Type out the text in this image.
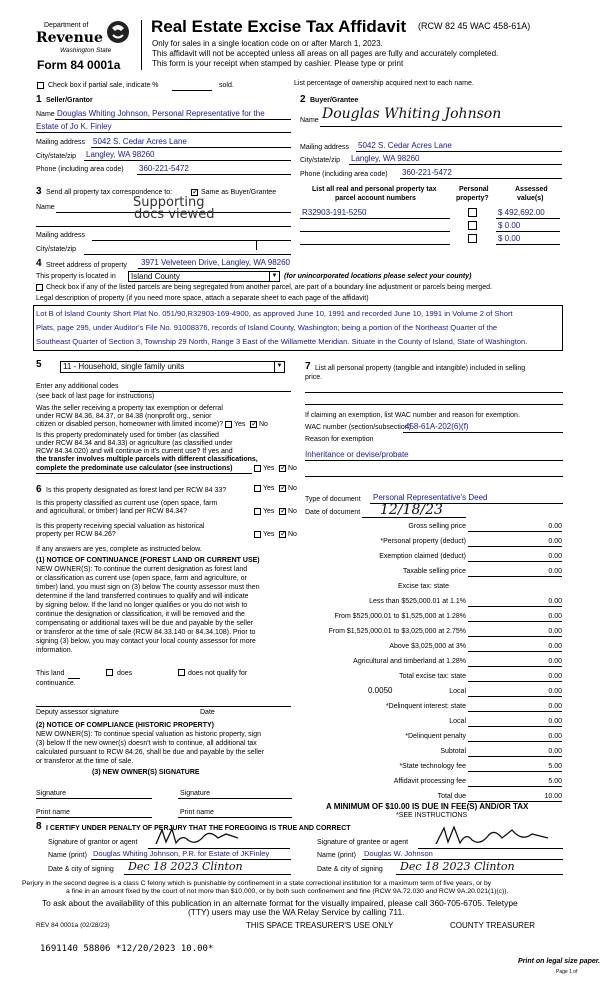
Department of
Revenue
Washington State
Form 84 0001a
Real Estate Excise Tax Affidavit (RCW 82 45 WAC 458-61A)
Only for sales in a single location code on or after March 1, 2023.
This affidavit will not be accepted unless all areas on all pages are fully and accurately completed.
This form is your receipt when stamped by cashier. Please type or print
Check box if partial sale, indicate %	sold.	List percentage of ownership acquired next to each name.
1 Seller/Grantor
Name Douglas Whiting Johnson, Personal Representative for the
Estate of Jo K. Finley
Mailing address 5042 S. Cedar Acres Lane
City/state/zip Langley, WA 98260
Phone (including area code) 360-221-5472
2 Buyer/Grantee
Name Douglas Whiting Johnson
Mailing address 5042 S. Cedar Acres Lane
City/state/zip Langley, WA 98260
Phone (including area code) 360-221-5472
3 Send all property tax correspondence to: ✓	Same as Buyer/Grantee
Name	Supporting
docs viewed
Mailing address
City/state/zip
List all real and personal property tax
parcel account numbers
Personal
property?
Assessed
value(s)
R32903-191-5250	$ 492,692.00
$ 0.00
$ 0.00
4 Street address of property 3971 Velveteen Drive, Langley, WA 98260
This property is located in	Island County	▼ (for unincorporated locations please select your county)
Check box if any of the listed parcels are being segregated from another parcel, are part of a boundary line adjustment or parcels being merged.
Legal description of property (if you need more space, attach a separate sheet to each page of the affidavit)
Lot B of Island County Short Plat No. 051/90,R32903-169-4900, as approved June 10, 1991 and recorded June 10, 1991 in Volume 2 of Short
Plats, page 295, under Auditor's File No. 91008376, records of Island County, Washington; being a portion of the Northeast Quarter of the
Southeast Quarter of Section 3, Township 29 North, Range 3 East of the Willamette Meridian. Situate in the County of Island, State of Washington.
5	11 - Household, single family units	▼
Enter any additional codes
(see back of last page for instructions)
Was the seller receiving a property tax exemption or deferral
under RCW 84.36, 84.37, or 84.38 (nonprofit org., senior
citizen or disabled person, homeowner with limited income)? Yes ✓ No
Is this property predominately used for timber (as classified
under RCW 84.34 and 84.33) or agriculture (as classified under
RCW 84.34.020) and will continue in it's current use? If yes and
the transfer involves multiple parcels with different classifications,
complete the predominate use calculator (see instructions)	Yes ✓ No
6 Is this property designated as forest land per RCW 84 33?	Yes ✓ No
Is this property classified as current use (open space, farm
and agricultural, or timber) land per RCW 84.34?	Yes ✓ No
Is this property receiving special valuation as historical
property per RCW 84.26?	Yes ✓ No
If any answers are yes, complete as instructed below.
(1) NOTICE OF CONTINUANCE (FOREST LAND OR CURRENT USE)
NEW OWNER(S): To continue the current designation as forest land
or classification as current use (open space, farm and agriculture, or
timber) land, you must sign on (3) below The county assessor must then
determine if the land transferred continues to qualify and will indicate
by signing below. If the land no longer qualifies or you do not wish to
continue the designation or classification, it will be removed and the
compensating or additional taxes will be due and payable by the seller
or transferor at the time of sale (RCW 84.33.140 or 84.34.108). Prior to
signing (3) below, you may contact your local county assessor for more
information.
This land	does	does not qualify for
continuance.
Deputy assessor signature	Date
(2) NOTICE OF COMPLIANCE (HISTORIC PROPERTY)
NEW OWNER(S): To continue special valuation as historic property, sign
(3) below If the new owner(s) doesn't wish to continue, all additional tax
calculated pursuant to RCW 84.26, shall be due and payable by the seller
or transferor at the time of sale.
(3) NEW OWNER(S) SIGNATURE
Signature	Signature
Print name	Print name
7 List all personal property (tangible and intangible) included in selling
price.
If claiming an exemption, list WAC number and reason for exemption.
WAC number (section/subsection)
458-61A-202(6)(f)
Reason for exemption
Inheritance or devise/probate
Type of document Personal Representative's Deed
Date of document 12/18/23
Gross selling price	0.00
*Personal property (deduct)	0.00
Exemption claimed (deduct)	0.00
Taxable selling price	0.00
Excise tax: state
Less than $525,000.01 at 1.1%	0.00
From $525,000.01 to $1,525,000 at 1.28%	0.00
From $1,525,000.01 to $3,025,000 at 2.75%	0.00
Above $3,025,000 at 3%	0.00
Agricultural and timberland at 1.28%	0.00
Total excise tax: state	0.00
0.0050	Local	0.00
*Delinquent interest: state	0.00
Local	0.00
*Delinquent penalty	0.00
Subtotal	0.00
*State technology fee	5.00
Affidavit processing fee	5.00
Total due	10.00
A MINIMUM OF $10.00 IS DUE IN FEE(S) AND/OR TAX
*SEE INSTRUCTIONS
8 I CERTIFY UNDER PENALTY OF PERJURY THAT THE FOREGOING IS TRUE AND CORRECT
Signature of grantor or agent
Name (print) Douglas Whiting Johnson, P.R. for Estate of JKFinley
Date & city of signing Dec 18 2023 Clinton
Signature of grantee or agent
Name (print) Douglas W. Johnson
Date & city of signing Dec 18 2023 Clinton
Perjury in the second degree is a class C felony which is punishable by confinement in a state correctional institution for a maximum term of five years, or by
a fine in an amount fixed by the court of not more than $10,000, or by both such confinement and fine (RCW 9A.72.030 and RCW 9A.20.021(1)(c)).
To ask about the availability of this publication in an alternate format for the visually impaired, please call 360-705-6705. Teletype
(TTY) users may use the WA Relay Service by calling 711.
REV 84 0001a (02/28/23)	THIS SPACE TREASURER'S USE ONLY	COUNTY TREASURER
1691140 58806 *12/20/2023 10.00*
Print on legal size paper.
Page 1 of
